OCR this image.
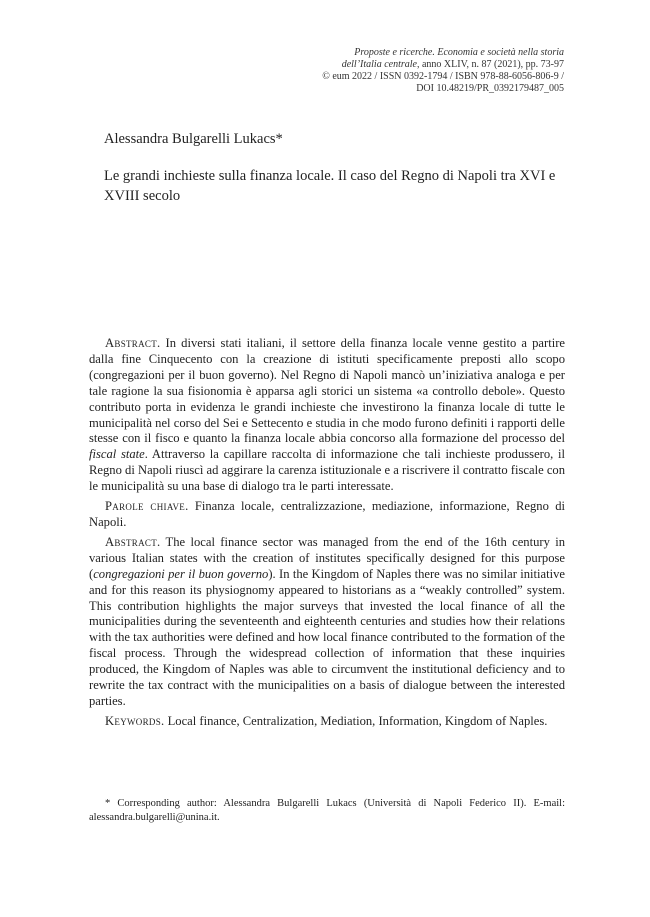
Proposte e ricerche. Economia e società nella storia
dell’Italia centrale, anno XLIV, n. 87 (2021), pp. 73-97
© eum 2022 / ISSN 0392-1794 / ISBN 978-88-6056-806-9 /
DOI 10.48219/PR_0392179487_005
Alessandra Bulgarelli Lukacs*
Le grandi inchieste sulla finanza locale. Il caso del Regno di Napoli tra XVI e XVIII secolo

Abstract. In diversi stati italiani, il settore della finanza locale venne gestito a partire dalla fine Cinquecento con la creazione di istituti specificamente preposti allo scopo (congregazioni per il buon governo). Nel Regno di Napoli mancò un’iniziativa analoga e per tale ragione la sua fisionomia è apparsa agli storici un sistema «a controllo debole». Questo contributo porta in evidenza le grandi inchieste che investirono la finanza locale di tutte le municipalità nel corso del Sei e Settecento e studia in che modo furono definiti i rapporti delle stesse con il fisco e quanto la finanza locale abbia concorso alla formazione del processo del fiscal state. Attraverso la capillare raccolta di informazione che tali inchieste produssero, il Regno di Napoli riuscì ad aggirare la carenza istituzionale e a riscrivere il contratto fiscale con le municipalità su una base di dialogo tra le parti interessate.

Parole chiave. Finanza locale, centralizzazione, mediazione, informazione, Regno di Napoli.

Abstract. The local finance sector was managed from the end of the 16th century in various Italian states with the creation of institutes specifically designed for this purpose (congregazioni per il buon governo). In the Kingdom of Naples there was no similar initiative and for this reason its physiognomy appeared to historians as a “weakly controlled” system. This contribution highlights the major surveys that invested the local finance of all the municipalities during the seventeenth and eighteenth centuries and studies how their relations with the tax authorities were defined and how local finance contributed to the formation of the fiscal process. Through the widespread collection of information that these inquiries produced, the Kingdom of Naples was able to circumvent the institutional deficiency and to rewrite the tax contract with the municipalities on a basis of dialogue between the interested parties.

Keywords. Local finance, Centralization, Mediation, Information, Kingdom of Naples.

* Corresponding author: Alessandra Bulgarelli Lukacs (Università di Napoli Federico II). E-mail: alessandra.bulgarelli@unina.it.
